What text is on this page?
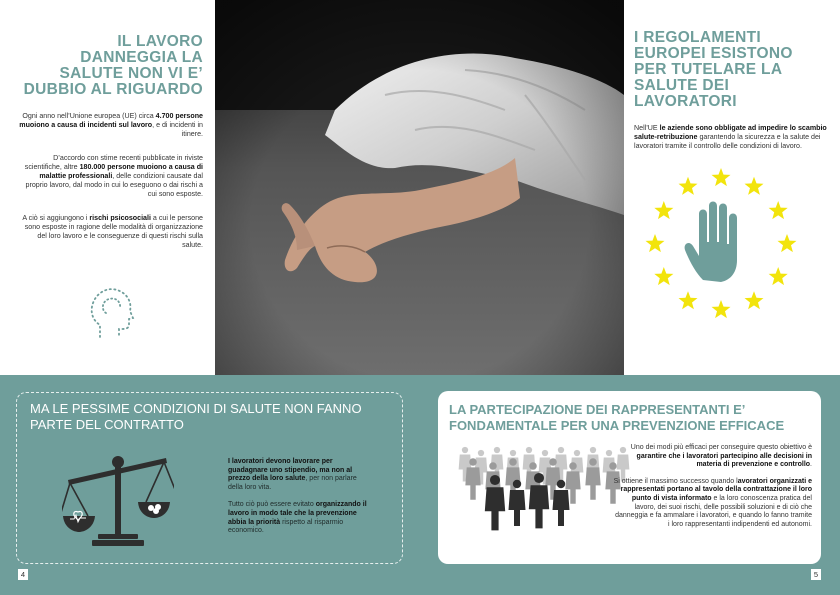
IL LAVORO DANNEGGIA LA SALUTE NON VI E’ DUBBIO AL RIGUARDO

Ogni anno nell’Unione europea (UE) circa 4.700 persone muoiono a causa di incidenti sul lavoro, e di incidenti in itinere.

D’accordo con stime recenti pubblicate in riviste scientifiche, altre 180.000 persone muoiono a causa di malattie professionali, delle condizioni causate dal proprio lavoro, dal modo in cui lo eseguono o dai rischi a cui sono esposte.

A ciò si aggiungono i rischi psicosociali a cui le persone sono esposte in ragione delle modalità di organizzazione del loro lavoro e le conseguenze di questi rischi sulla salute.

I REGOLAMENTI EUROPEI ESISTONO PER TUTELARE LA SALUTE DEI LAVORATORI

Nell’UE le aziende sono obbligate ad impedire lo scambio salute-retribuzione garantendo la sicurezza e la salute dei lavoratori tramite il controllo delle condizioni di lavoro.

MA LE PESSIME CONDIZIONI DI SALUTE NON FANNO PARTE DEL CONTRATTO

I lavoratori devono lavorare per guadagnare uno stipendio, ma non al prezzo della loro salute, per non parlare della loro vita.

Tutto ciò può essere evitato organizzando il lavoro in modo tale che la prevenzione abbia la priorità rispetto al risparmio economico.

LA PARTECIPAZIONE DEI RAPPRESENTANTI E’ FONDAMENTALE PER UNA PREVENZIONE EFFICACE

Uno dei modi più efficaci per conseguire questo obiettivo è garantire che i lavoratori partecipino alle decisioni in materia di prevenzione e controllo.

Si ottiene il massimo successo quando lavoratori organizzati e rappresentati portano al tavolo della contrattazione il loro punto di vista informato e la loro conoscenza pratica del lavoro, dei suoi rischi, delle possibili soluzioni e di ciò che danneggia e fa ammalare i lavoratori, e quando lo fanno tramite i loro rappresentanti indipendenti ed autonomi.

4	5
